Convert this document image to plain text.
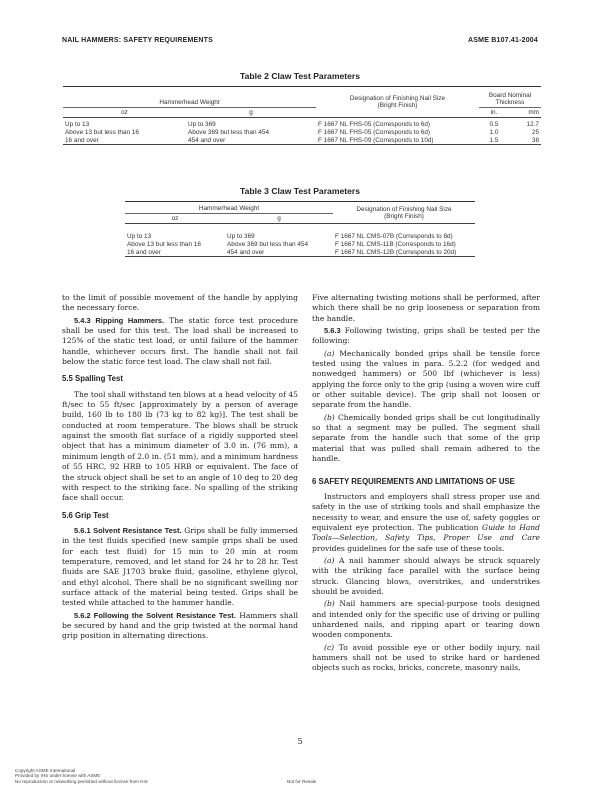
NAIL HAMMERS: SAFETY REQUIREMENTS	ASME B107.41-2004
Table 2 Claw Test Parameters
Hammerhead Weight		Designation of Finishing Nail Size
(Bright Finish)	Board Nominal Thickness	
oz	g		in.	mm

Up to 13	Up to 369	F 1667 NL FHS-05 (Corresponds to 6d)	0.5	12.7
Above 13 but less than 16	Above 369 but less than 454	F 1667 NL FHS-05 (Corresponds to 6d)	1.0	25
16 and over	454 and over	F 1667 NL FHS-09 (Corresponds to 10d)	1.5	38
Table 3 Claw Test Parameters
Hammerhead Weight		Designation of Finishing Nail Size
(Bright Finish)
oz	g	

Up to 13	Up to 369	F 1667 NL CMS-07B (Corresponds to 8d)
Above 13 but less than 16	Above 369 but less than 454	F 1667 NL CMS-11B (Corresponds to 16d)
16 and over	454 and over	F 1667 NL CMS-12B (Corresponds to 20d)

to the limit of possible movement of the handle by applying the necessary force.

5.4.3 Ripping Hammers. The static force test procedure shall be used for this test. The load shall be increased to 125% of the static test load, or until failure of the hammer handle, whichever occurs first. The handle shall not fail below the static force test load. The claw shall not fail.

5.5 Spalling Test

The tool shall withstand ten blows at a head velocity of 45 ft/sec to 55 ft/sec [approximately by a person of average build, 160 lb to 180 lb (73 kg to 82 kg)]. The test shall be conducted at room temperature. The blows shall be struck against the smooth flat surface of a rigidly supported steel object that has a minimum diameter of 3.0 in. (76 mm), a minimum length of 2.0 in. (51 mm), and a minimum hardness of 55 HRC, 92 HRB to 105 HRB or equivalent. The face of the struck object shall be set to an angle of 10 deg to 20 deg with respect to the striking face. No spalling of the striking face shall occur.

5.6 Grip Test

5.6.1 Solvent Resistance Test. Grips shall be fully immersed in the test fluids specified (new sample grips shall be used for each test fluid) for 15 min to 20 min at room temperature, removed, and let stand for 24 hr to 28 hr. Test fluids are SAE J1703 brake fluid, gasoline, ethylene glycol, and ethyl alcohol. There shall be no significant swelling nor surface attack of the material being tested. Grips shall be tested while attached to the hammer handle.

5.6.2 Following the Solvent Resistance Test. Hammers shall be secured by hand and the grip twisted at the normal hand grip position in alternating directions.

Five alternating twisting motions shall be performed, after which there shall be no grip looseness or separation from the handle.

5.6.3 Following twisting, grips shall be tested per the following:

(a) Mechanically bonded grips shall be tensile force tested using the values in para. 5.2.2 (for wedged and nonwedged hammers) or 500 lbf (whichever is less) applying the force only to the grip (using a woven wire cuff or other suitable device). The grip shall not loosen or separate from the handle.

(b) Chemically bonded grips shall be cut longitudinally so that a segment may be pulled. The segment shall separate from the handle such that some of the grip material that was pulled shall remain adhered to the handle.

6 SAFETY REQUIREMENTS AND LIMITATIONS OF USE

Instructors and employers shall stress proper use and safety in the use of striking tools and shall emphasize the necessity to wear, and ensure the use of, safety goggles or equivalent eye protection. The publication Guide to Hand Tools—Selection, Safety Tips, Proper Use and Care provides guidelines for the safe use of these tools.

(a) A nail hammer should always be struck squarely with the striking face parallel with the surface being struck. Glancing blows, overstrikes, and understrikes should be avoided.

(b) Nail hammers are special-purpose tools designed and intended only for the specific use of driving or pulling unhardened nails, and ripping apart or tearing down wooden components.

(c) To avoid possible eye or other bodily injury, nail hammers shall not be used to strike hard or hardened objects such as rocks, bricks, concrete, masonry nails,

5
Copyright ASME International
Provided by IHS under license with ASME
No reproduction or networking permitted without license from IHS	Not for Resale
